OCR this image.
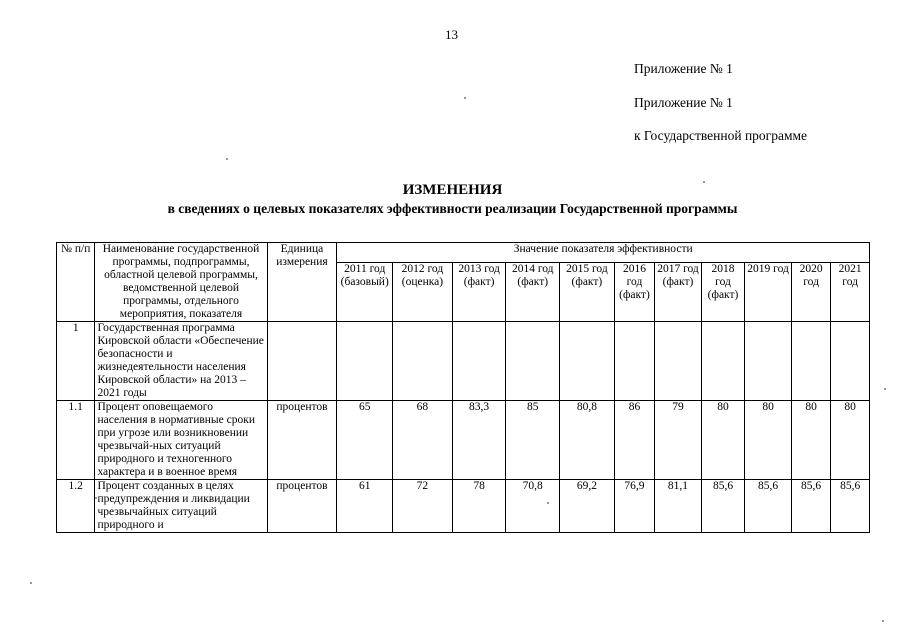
13
Приложение № 1
Приложение № 1
к Государственной программе
ИЗМЕНЕНИЯ
в сведениях о целевых показателях эффективности реализации Государственной программы
№ п/п	Наименование государственной программы, подпрограммы, областной целевой программы, ведомственной целевой программы, отдельного мероприятия, показателя	Единица измерения	Значение показателя эффективности										
			2011 год (базовый)	2012 год (оценка)	2013 год (факт)	2014 год (факт)	2015 год (факт)	2016 год (факт)	2017 год (факт)	2018 год (факт)	2019 год	2020 год	2021 год
1	Государственная программа Кировской области «Обеспечение безопасности и жизнедеятельности населения Кировской области» на 2013 – 2021 годы												
1.1	Процент оповещаемого населения в нормативные сроки при угрозе или возникновении чрезвычай-ных ситуаций природного и техногенного характера и в военное время	процентов	65	68	83,3	85	80,8	86	79	80	80	80	80
1.2	Процент созданных в целях предупреждения и ликвидации чрезвычайных ситуаций природного и	процентов	61	72	78	70,8	69,2	76,9	81,1	85,6	85,6	85,6	85,6
